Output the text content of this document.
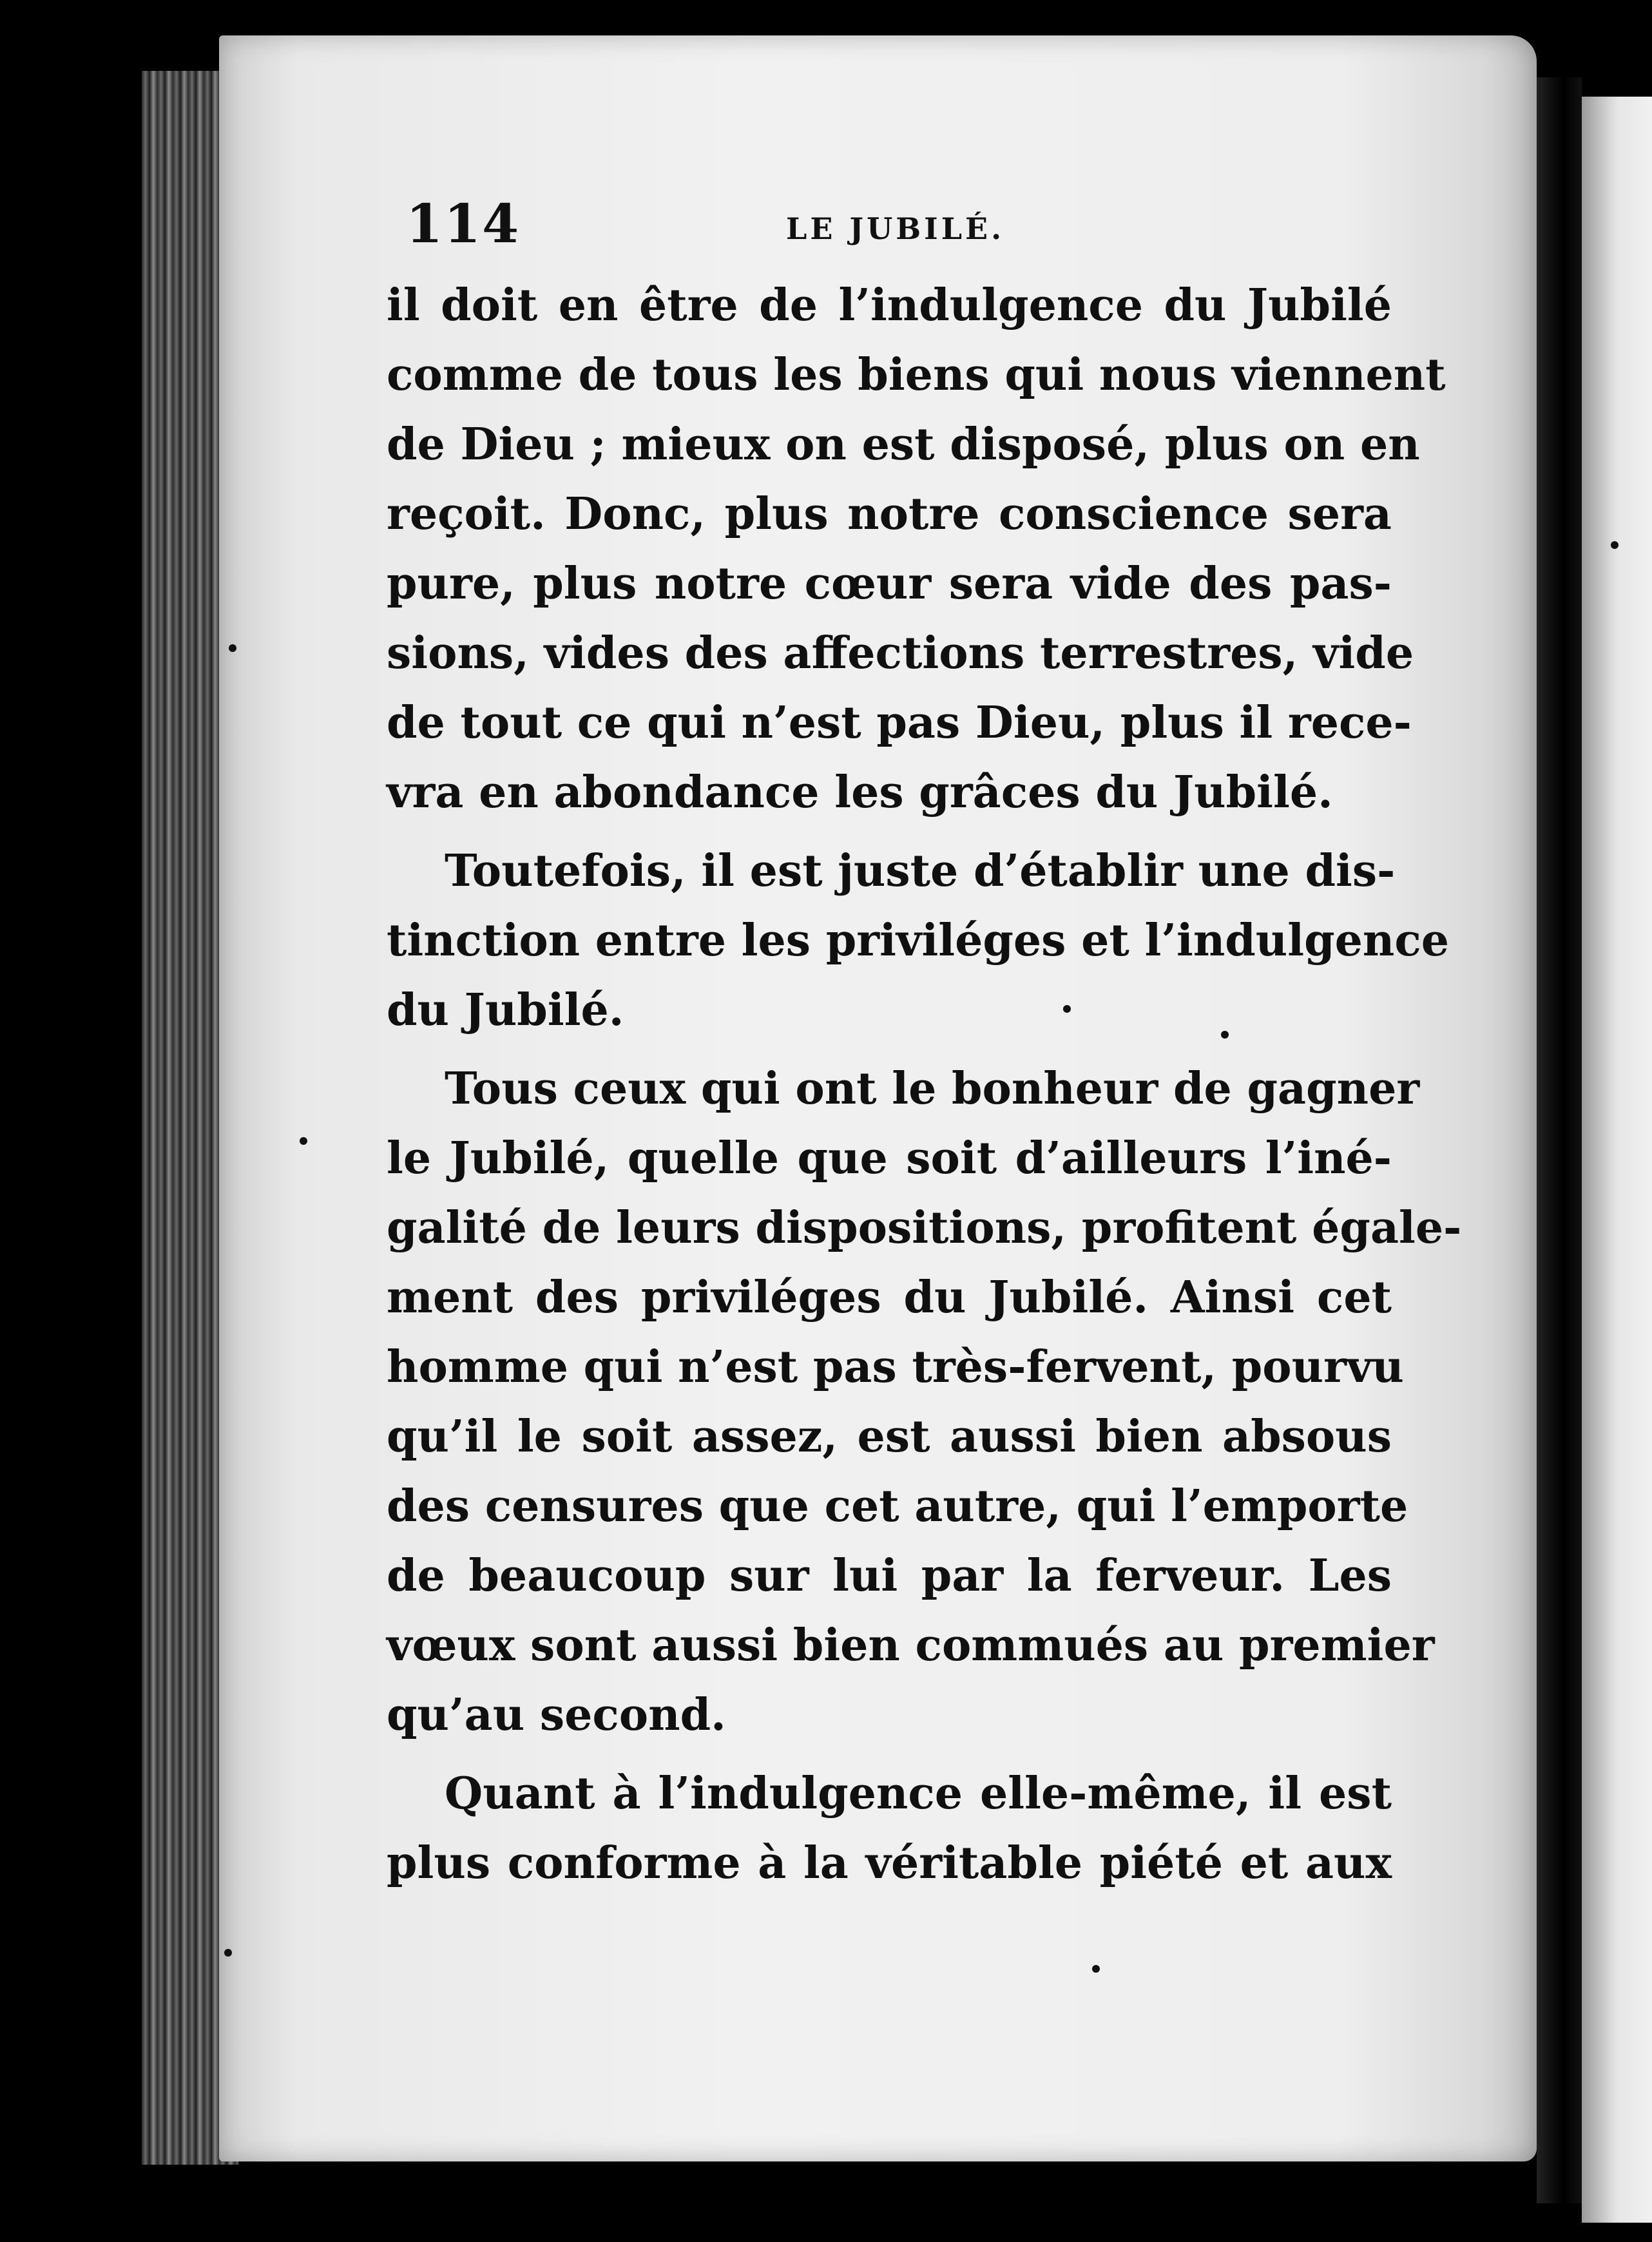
114	LE JUBILÉ.
il doit en être de l’indulgence du Jubilé
comme de tous les biens qui nous viennent
de Dieu ; mieux on est disposé, plus on en
reçoit. Donc, plus notre conscience sera
pure, plus notre cœur sera vide des pas-
sions, vides des affections terrestres, vide
de tout ce qui n’est pas Dieu, plus il rece-
vra en abondance les grâces du Jubilé.
Toutefois, il est juste d’établir une dis-
tinction entre les priviléges et l’indulgence
du Jubilé.
Tous ceux qui ont le bonheur de gagner
le Jubilé, quelle que soit d’ailleurs l’iné-
galité de leurs dispositions, profitent égale-
ment des priviléges du Jubilé. Ainsi cet
homme qui n’est pas très-fervent, pourvu
qu’il le soit assez, est aussi bien absous
des censures que cet autre, qui l’emporte
de beaucoup sur lui par la ferveur. Les
vœux sont aussi bien commués au premier
qu’au second.
Quant à l’indulgence elle-même, il est
plus conforme à la véritable piété et aux
